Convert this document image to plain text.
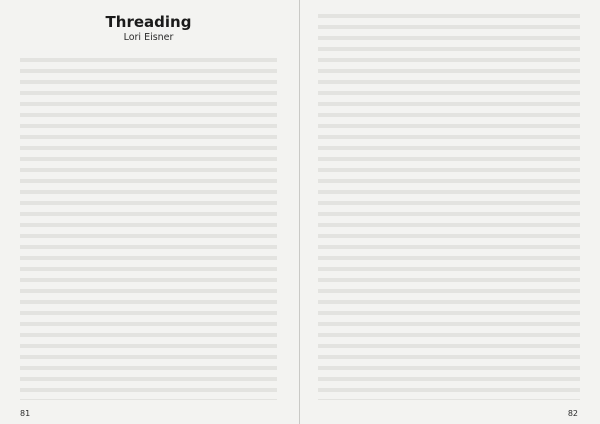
Threading
Lori Eisner
81	82
